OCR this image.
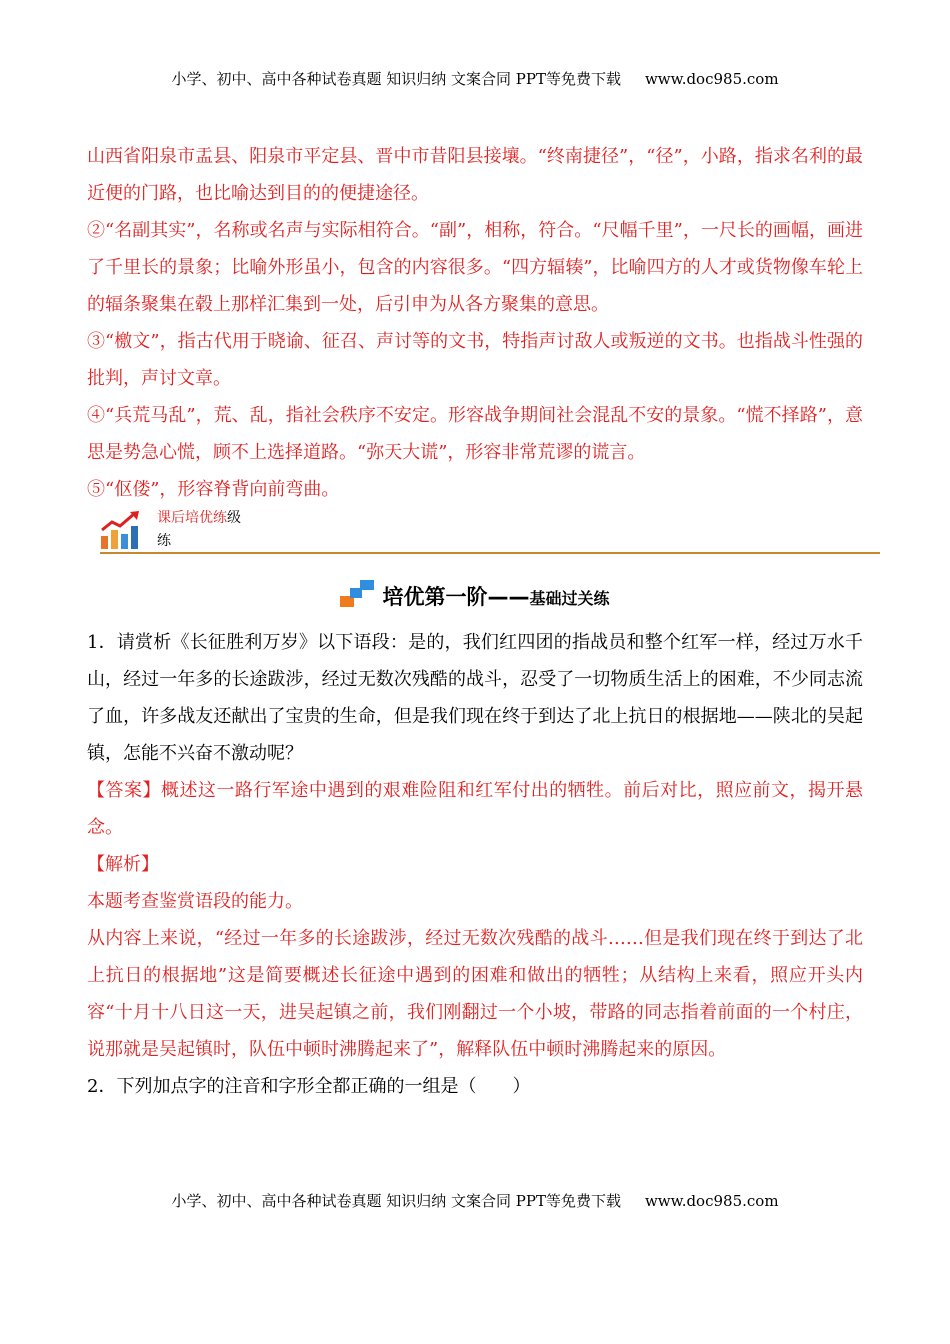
小学、初中、高中各种试卷真题 知识归纳 文案合同 PPT等免费下载 www.doc985.com

山西省阳泉市盂县、阳泉市平定县、晋中市昔阳县接壤。“终南捷径”，“径”，小路，指求名利的最近便的门路，也比喻达到目的的便捷途径。

②“名副其实”，名称或名声与实际相符合。“副”，相称，符合。“尺幅千里”，一尺长的画幅，画进了千里长的景象；比喻外形虽小，包含的内容很多。“四方辐辏”，比喻四方的人才或货物像车轮上的辐条聚集在毂上那样汇集到一处，后引申为从各方聚集的意思。

③“檄文”，指古代用于晓谕、征召、声讨等的文书，特指声讨敌人或叛逆的文书。也指战斗性强的批判，声讨文章。

④“兵荒马乱”，荒、乱，指社会秩序不安定。形容战争期间社会混乱不安的景象。“慌不择路”，意思是势急心慌，顾不上选择道路。“弥天大谎”，形容非常荒谬的谎言。

⑤“伛偻”，形容脊背向前弯曲。

课后培优练级
练
培优第一阶——基础过关练

1．请赏析《长征胜利万岁》以下语段：是的，我们红四团的指战员和整个红军一样，经过万水千山，经过一年多的长途跋涉，经过无数次残酷的战斗，忍受了一切物质生活上的困难，不少同志流了血，许多战友还献出了宝贵的生命，但是我们现在终于到达了北上抗日的根据地——陕北的吴起镇，怎能不兴奋不激动呢？

【答案】概述这一路行军途中遇到的艰难险阻和红军付出的牺牲。前后对比，照应前文，揭开悬念。

【解析】

本题考查鉴赏语段的能力。

从内容上来说，“经过一年多的长途跋涉，经过无数次残酷的战斗……但是我们现在终于到达了北上抗日的根据地”这是简要概述长征途中遇到的困难和做出的牺牲；从结构上来看，照应开头内容“十月十八日这一天，进吴起镇之前，我们刚翻过一个小坡，带路的同志指着前面的一个村庄，说那就是吴起镇时，队伍中顿时沸腾起来了”，解释队伍中顿时沸腾起来的原因。

2．下列加点字的注音和字形全都正确的一组是（　　）

小学、初中、高中各种试卷真题 知识归纳 文案合同 PPT等免费下载 www.doc985.com
